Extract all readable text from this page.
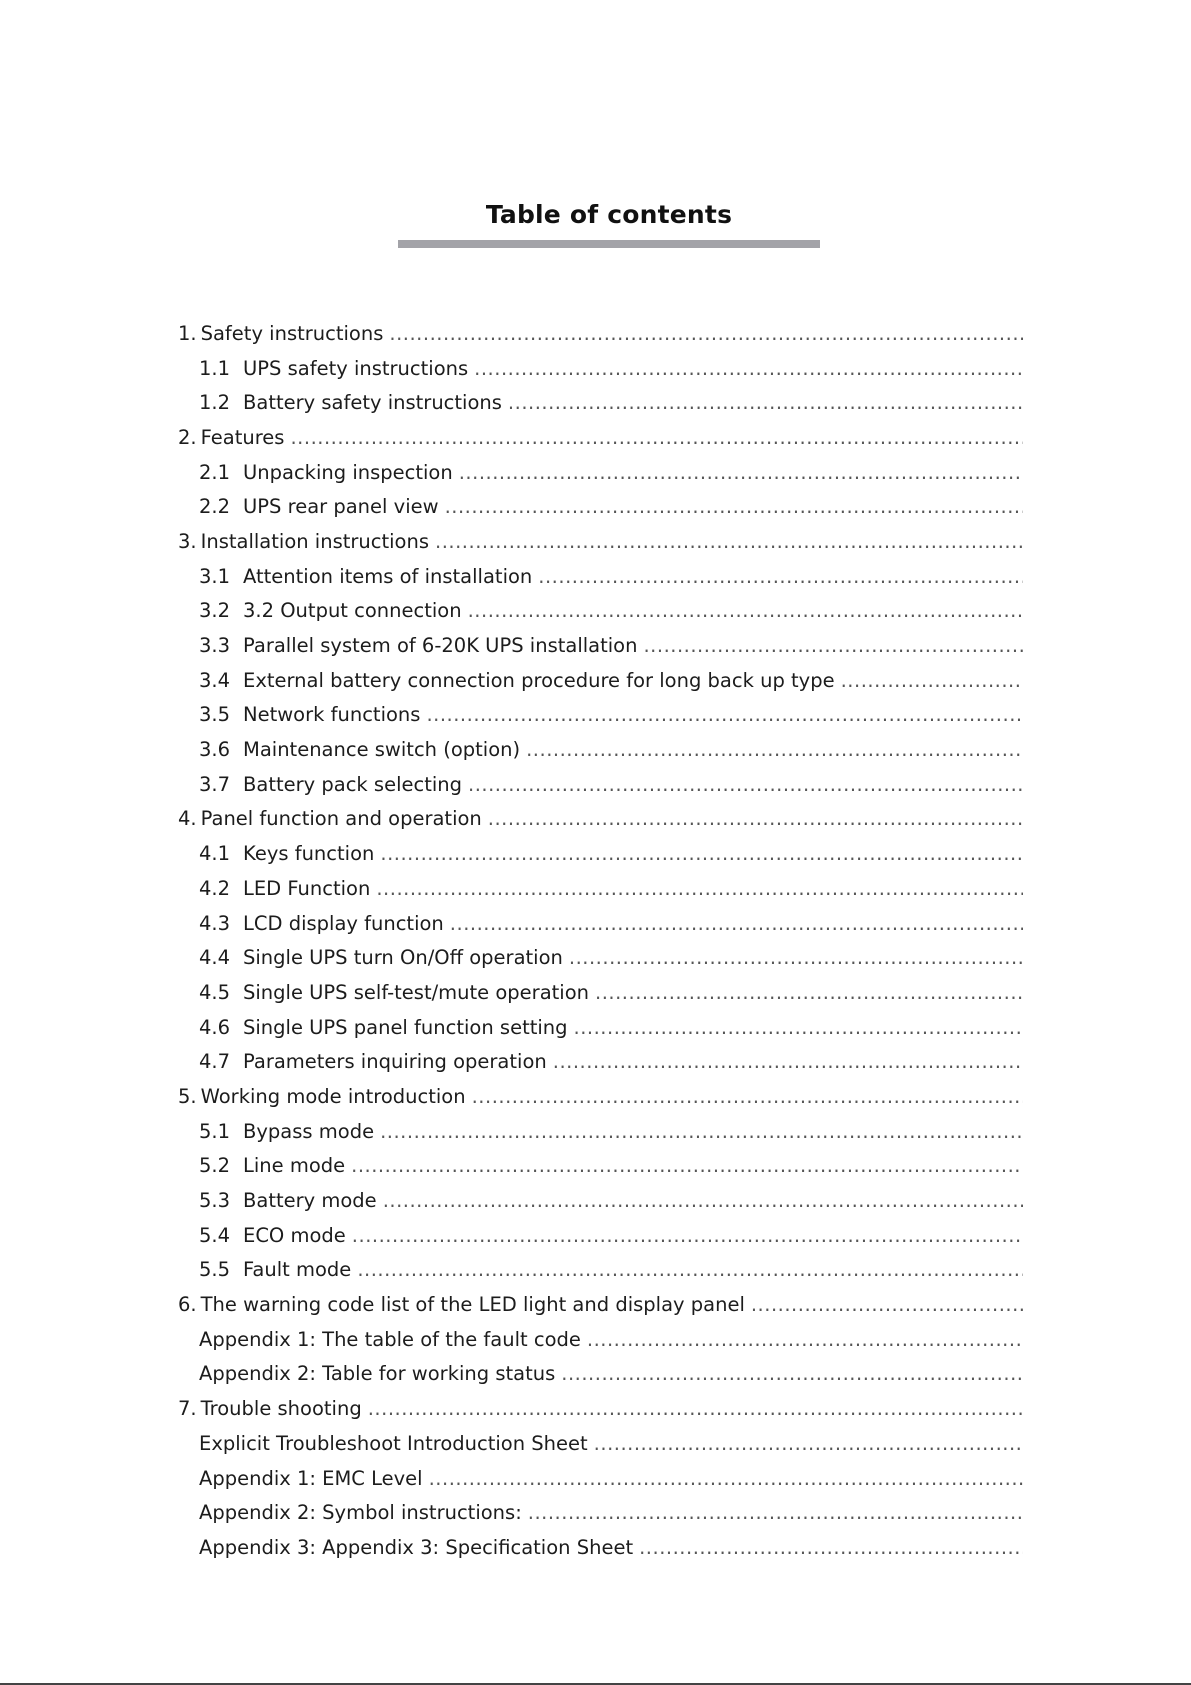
Table of contents
1. Safety instructions
.....
1.1 UPS safety instructions
.....
1.2 Battery safety instructions
.....
2. Features
.....
2.1 Unpacking inspection
.....
2.2 UPS rear panel view
.....
3. Installation instructions
.....
3.1 Attention items of installation
.....
3.2 3.2 Output connection
.....
3.3 Parallel system of 6-20K UPS installation
.....
3.4 External battery connection procedure for long back up type
.....
3.5 Network functions
.....
3.6 Maintenance switch (option)
.....
3.7 Battery pack selecting
.....
4. Panel function and operation
.....
4.1 Keys function
.....
4.2 LED Function
.....
4.3 LCD display function
.....
4.4 Single UPS turn On/Off operation
.....
4.5 Single UPS self-test/mute operation
.....
4.6 Single UPS panel function setting
.....
4.7 Parameters inquiring operation
.....
5. Working mode introduction
.....
5.1 Bypass mode
.....
5.2 Line mode
.....
5.3 Battery mode
.....
5.4 ECO mode
.....
5.5 Fault mode
.....
6. The warning code list of the LED light and display panel
.....
Appendix 1: The table of the fault code
.....
Appendix 2: Table for working status
.....
7. Trouble shooting
.....
Explicit Troubleshoot Introduction Sheet
.....
Appendix 1: EMC Level
.....
Appendix 2: Symbol instructions:
.....
Appendix 3: Appendix 3: Specification Sheet
.....
